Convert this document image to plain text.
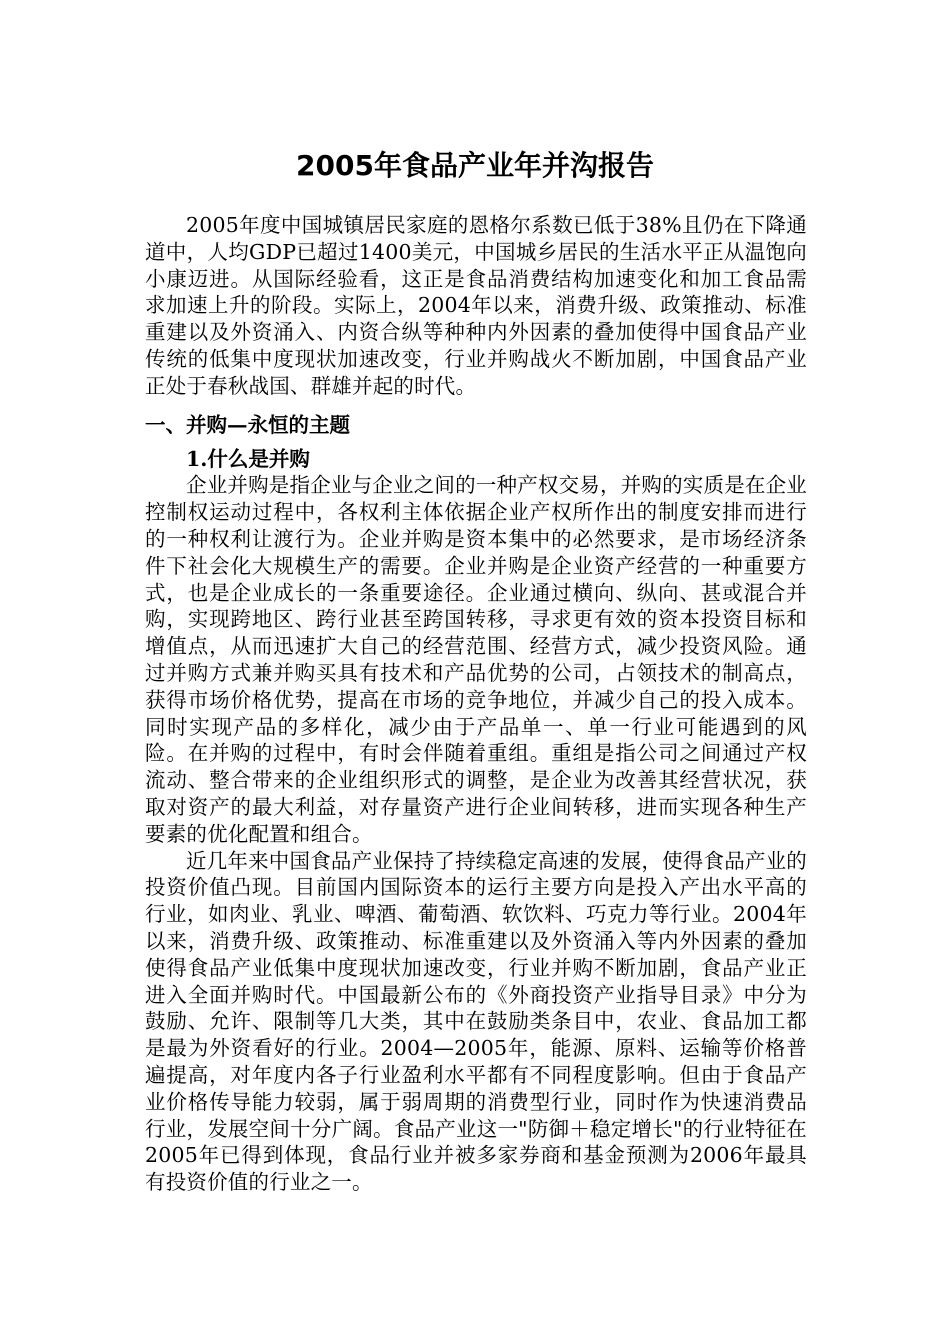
2005年食品产业年并沟报告

2005年度中国城镇居民家庭的恩格尔系数已低于38%且仍在下降通道中，人均GDP已超过1400美元，中国城乡居民的生活水平正从温饱向小康迈进。从国际经验看，这正是食品消费结构加速变化和加工食品需求加速上升的阶段。实际上，2004年以来，消费升级、政策推动、标准重建以及外资涌入、内资合纵等种种内外因素的叠加使得中国食品产业传统的低集中度现状加速改变，行业并购战火不断加剧，中国食品产业正处于春秋战国、群雄并起的时代。

一、并购—永恒的主题
1.什么是并购

企业并购是指企业与企业之间的一种产权交易，并购的实质是在企业控制权运动过程中，各权利主体依据企业产权所作出的制度安排而进行的一种权利让渡行为。企业并购是资本集中的必然要求，是市场经济条件下社会化大规模生产的需要。企业并购是企业资产经营的一种重要方式，也是企业成长的一条重要途径。企业通过横向、纵向、甚或混合并购，实现跨地区、跨行业甚至跨国转移，寻求更有效的资本投资目标和增值点，从而迅速扩大自己的经营范围、经营方式，减少投资风险。通过并购方式兼并购买具有技术和产品优势的公司，占领技术的制高点，获得市场价格优势，提高在市场的竞争地位，并减少自己的投入成本。同时实现产品的多样化，减少由于产品单一、单一行业可能遇到的风险。在并购的过程中，有时会伴随着重组。重组是指公司之间通过产权流动、整合带来的企业组织形式的调整，是企业为改善其经营状况，获取对资产的最大利益，对存量资产进行企业间转移，进而实现各种生产要素的优化配置和组合。

近几年来中国食品产业保持了持续稳定高速的发展，使得食品产业的投资价值凸现。目前国内国际资本的运行主要方向是投入产出水平高的行业，如肉业、乳业、啤酒、葡萄酒、软饮料、巧克力等行业。2004年以来，消费升级、政策推动、标准重建以及外资涌入等内外因素的叠加使得食品产业低集中度现状加速改变，行业并购不断加剧，食品产业正进入全面并购时代。中国最新公布的《外商投资产业指导目录》中分为鼓励、允许、限制等几大类，其中在鼓励类条目中，农业、食品加工都是最为外资看好的行业。2004—2005年，能源、原料、运输等价格普遍提高，对年度内各子行业盈利水平都有不同程度影响。但由于食品产业价格传导能力较弱，属于弱周期的消费型行业，同时作为快速消费品行业，发展空间十分广阔。食品产业这一"防御＋稳定增长"的行业特征在2005年已得到体现，食品行业并被多家券商和基金预测为2006年最具有投资价值的行业之一。
